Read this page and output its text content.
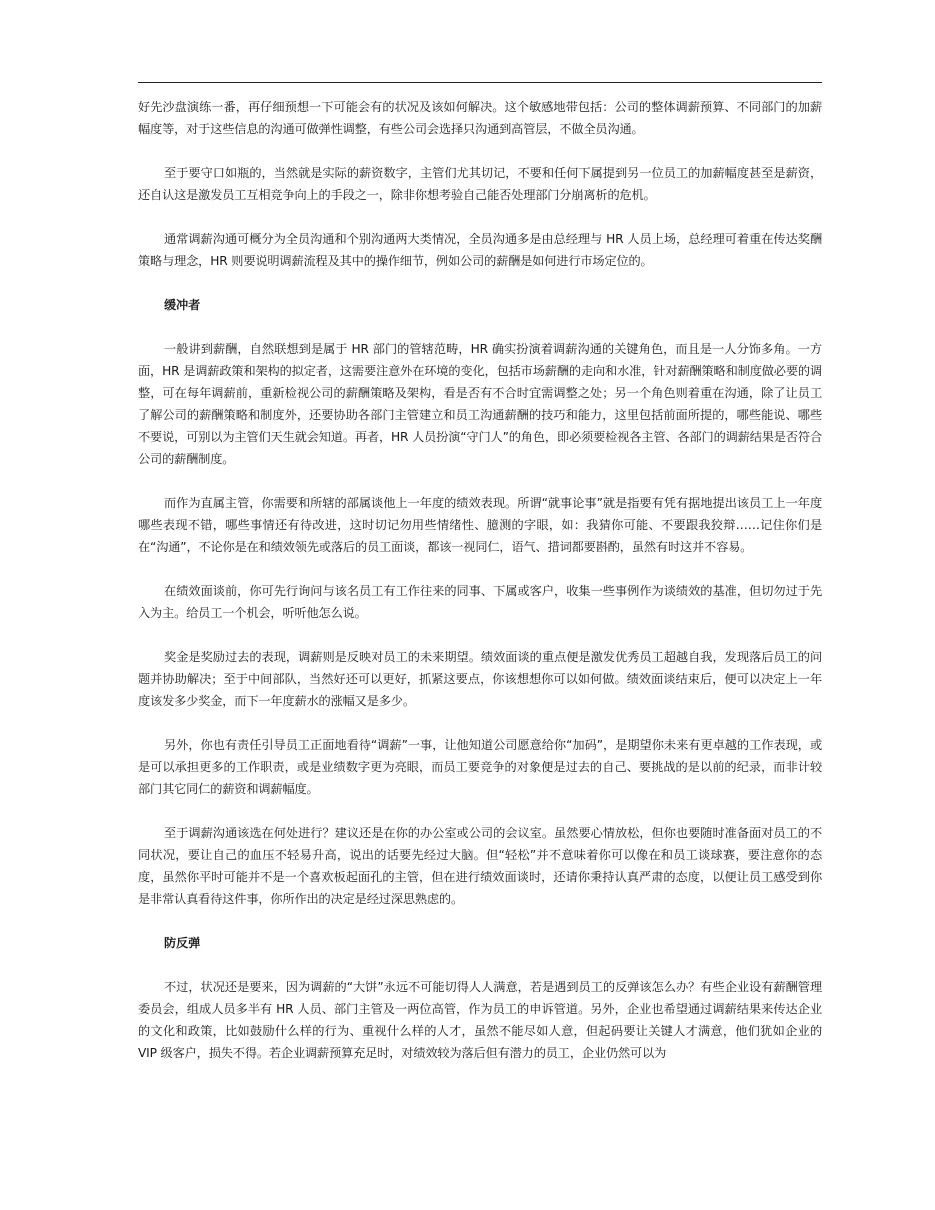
好先沙盘演练一番，再仔细预想一下可能会有的状况及该如何解决。这个敏感地带包括：公司的整体调薪预算、不同部门的加薪幅度等，对于这些信息的沟通可做弹性调整，有些公司会选择只沟通到高管层，不做全员沟通。

至于要守口如瓶的，当然就是实际的薪资数字，主管们尤其切记，不要和任何下属提到另一位员工的加薪幅度甚至是薪资，还自认这是激发员工互相竞争向上的手段之一，除非你想考验自己能否处理部门分崩离析的危机。

通常调薪沟通可概分为全员沟通和个别沟通两大类情况，全员沟通多是由总经理与 HR 人员上场，总经理可着重在传达奖酬策略与理念，HR 则要说明调薪流程及其中的操作细节，例如公司的薪酬是如何进行市场定位的。

缓冲者

一般讲到薪酬，自然联想到是属于 HR 部门的管辖范畴，HR 确实扮演着调薪沟通的关键角色，而且是一人分饰多角。一方面，HR 是调薪政策和架构的拟定者，这需要注意外在环境的变化，包括市场薪酬的走向和水准，针对薪酬策略和制度做必要的调整，可在每年调薪前，重新检视公司的薪酬策略及架构，看是否有不合时宜需调整之处；另一个角色则着重在沟通，除了让员工了解公司的薪酬策略和制度外，还要协助各部门主管建立和员工沟通薪酬的技巧和能力，这里包括前面所提的，哪些能说、哪些不要说，可别以为主管们天生就会知道。再者，HR 人员扮演“守门人”的角色，即必须要检视各主管、各部门的调薪结果是否符合公司的薪酬制度。

而作为直属主管，你需要和所辖的部属谈他上一年度的绩效表现。所谓“就事论事”就是指要有凭有据地提出该员工上一年度哪些表现不错，哪些事情还有待改进，这时切记勿用些情绪性、臆测的字眼，如：我猜你可能、不要跟我狡辩……记住你们是在“沟通”，不论你是在和绩效领先或落后的员工面谈，都该一视同仁，语气、措词都要斟酌，虽然有时这并不容易。

在绩效面谈前，你可先行询问与该名员工有工作往来的同事、下属或客户，收集一些事例作为谈绩效的基准，但切勿过于先入为主。给员工一个机会，听听他怎么说。

奖金是奖励过去的表现，调薪则是反映对员工的未来期望。绩效面谈的重点便是激发优秀员工超越自我，发现落后员工的问题并协助解决；至于中间部队，当然好还可以更好，抓紧这要点，你该想想你可以如何做。绩效面谈结束后，便可以决定上一年度该发多少奖金，而下一年度薪水的涨幅又是多少。

另外，你也有责任引导员工正面地看待“调薪”一事，让他知道公司愿意给你“加码”，是期望你未来有更卓越的工作表现，或是可以承担更多的工作职责，或是业绩数字更为亮眼，而员工要竞争的对象便是过去的自己、要挑战的是以前的纪录，而非计较部门其它同仁的薪资和调薪幅度。

至于调薪沟通该选在何处进行？建议还是在你的办公室或公司的会议室。虽然要心情放松，但你也要随时准备面对员工的不同状况，要让自己的血压不轻易升高，说出的话要先经过大脑。但“轻松”并不意味着你可以像在和员工谈球赛，要注意你的态度，虽然你平时可能并不是一个喜欢板起面孔的主管，但在进行绩效面谈时，还请你秉持认真严肃的态度，以便让员工感受到你是非常认真看待这件事，你所作出的决定是经过深思熟虑的。

防反弹

不过，状况还是要来，因为调薪的“大饼”永远不可能切得人人满意，若是遇到员工的反弹该怎么办？有些企业设有薪酬管理委员会，组成人员多半有 HR 人员、部门主管及一两位高管，作为员工的申诉管道。另外，企业也希望通过调薪结果来传达企业的文化和政策，比如鼓励什么样的行为、重视什么样的人才，虽然不能尽如人意，但起码要让关键人才满意，他们犹如企业的 VIP 级客户，损失不得。若企业调薪预算充足时，对绩效较为落后但有潜力的员工，企业仍然可以为
